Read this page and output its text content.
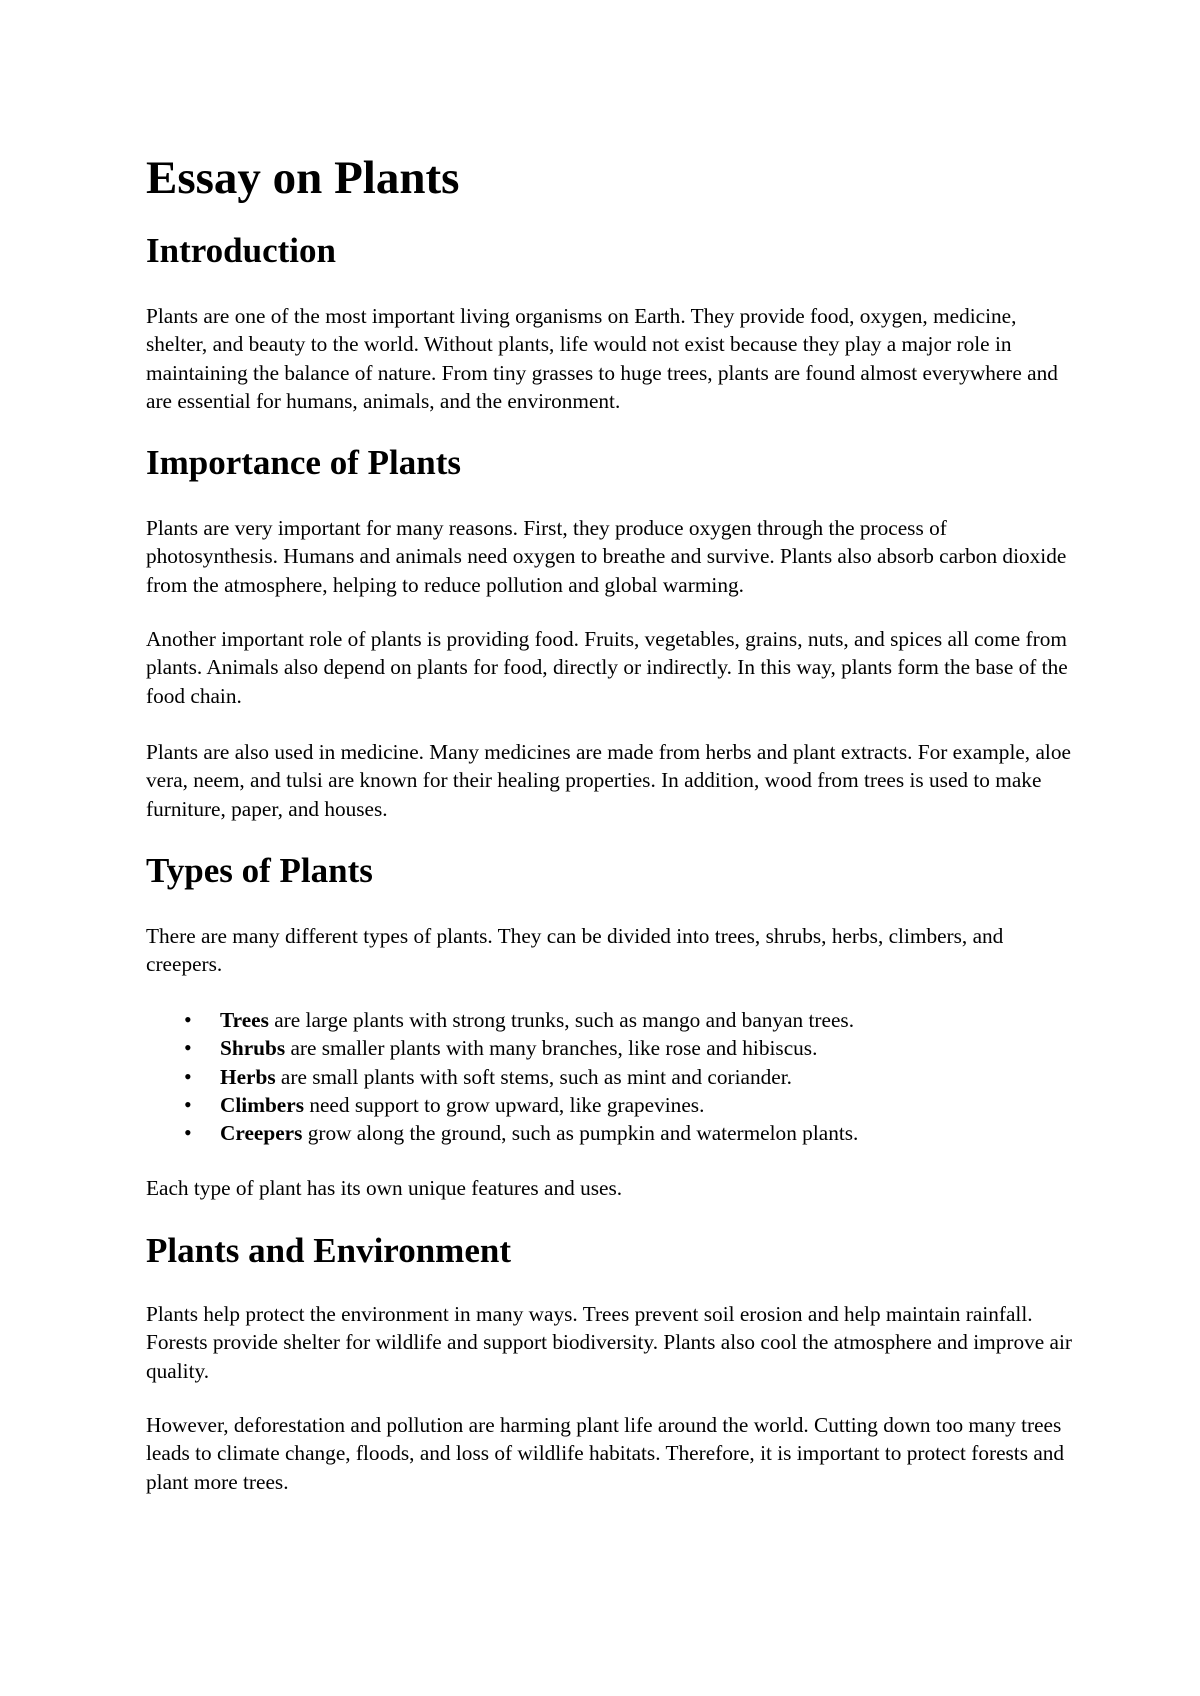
Essay on Plants
Introduction

Plants are one of the most important living organisms on Earth. They provide food, oxygen, medicine, shelter, and beauty to the world. Without plants, life would not exist because they play a major role in maintaining the balance of nature. From tiny grasses to huge trees, plants are found almost everywhere and are essential for humans, animals, and the environment.

Importance of Plants

Plants are very important for many reasons. First, they produce oxygen through the process of photosynthesis. Humans and animals need oxygen to breathe and survive. Plants also absorb carbon dioxide from the atmosphere, helping to reduce pollution and global warming.

Another important role of plants is providing food. Fruits, vegetables, grains, nuts, and spices all come from plants. Animals also depend on plants for food, directly or indirectly. In this way, plants form the base of the food chain.

Plants are also used in medicine. Many medicines are made from herbs and plant extracts. For example, aloe vera, neem, and tulsi are known for their healing properties. In addition, wood from trees is used to make furniture, paper, and houses.

Types of Plants

There are many different types of plants. They can be divided into trees, shrubs, herbs, climbers, and creepers.

• Trees are large plants with strong trunks, such as mango and banyan trees.
• Shrubs are smaller plants with many branches, like rose and hibiscus.
• Herbs are small plants with soft stems, such as mint and coriander.
• Climbers need support to grow upward, like grapevines.
• Creepers grow along the ground, such as pumpkin and watermelon plants.

Each type of plant has its own unique features and uses.

Plants and Environment

Plants help protect the environment in many ways. Trees prevent soil erosion and help maintain rainfall. Forests provide shelter for wildlife and support biodiversity. Plants also cool the atmosphere and improve air quality.

However, deforestation and pollution are harming plant life around the world. Cutting down too many trees leads to climate change, floods, and loss of wildlife habitats. Therefore, it is important to protect forests and plant more trees.
